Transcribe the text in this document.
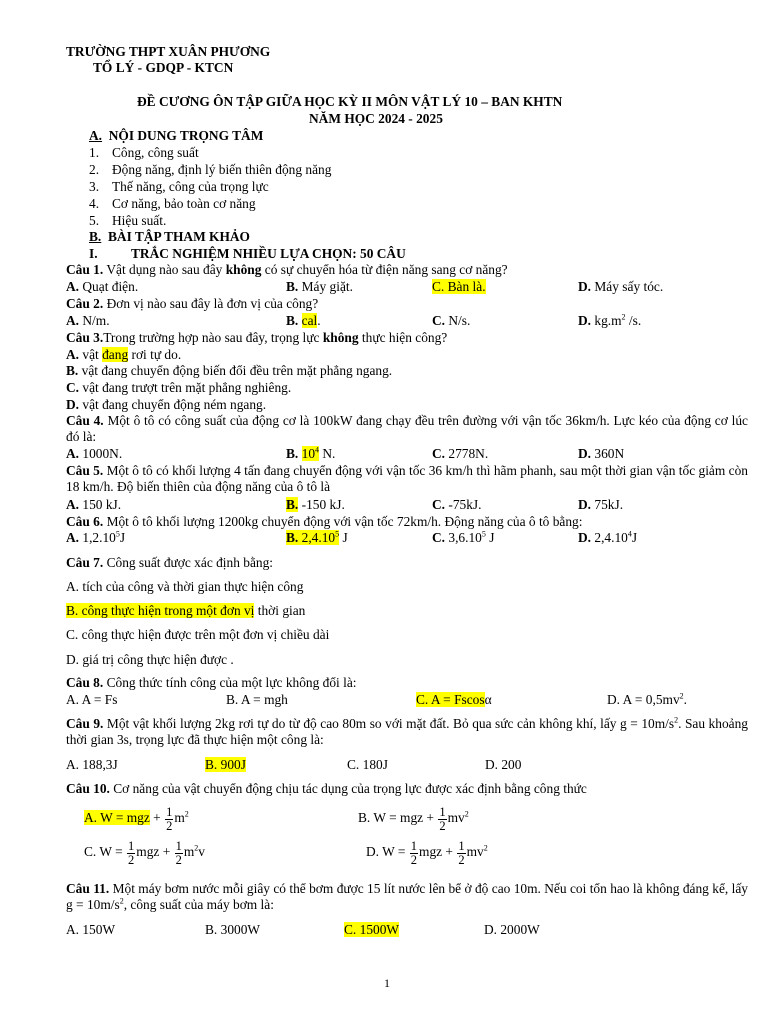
TRƯỜNG THPT XUÂN PHƯƠNG
TỔ LÝ - GDQP - KTCN
ĐỀ CƯƠNG ÔN TẬP GIỮA HỌC KỲ II MÔN VẬT LÝ 10 – BAN KHTN
NĂM HỌC 2024 - 2025
A. NỘI DUNG TRỌNG TÂM
1. Công, công suất
2. Động năng, định lý biến thiên động năng
3. Thế năng, công của trọng lực
4. Cơ năng, bảo toàn cơ năng
5. Hiệu suất.
B. BÀI TẬP THAM KHẢO
I. TRẮC NGHIỆM NHIỀU LỰA CHỌN: 50 CÂU
Câu 1. Vật dụng nào sau đây không có sự chuyển hóa từ điện năng sang cơ năng?
A. Quạt điện.	B. Máy giặt.	C. Bàn là.	D. Máy sấy tóc.
Câu 2. Đơn vị nào sau đây là đơn vị của công?
A. N/m.	B. cal.	C. N/s.	D. $kg.m^2$ /s.
Câu 3.Trong trường hợp nào sau đây, trọng lực không thực hiện công?
A. vật đang rơi tự do.
B. vật đang chuyển động biến đổi đều trên mặt phẳng ngang.
C. vật đang trượt trên mặt phẳng nghiêng.
D. vật đang chuyển động ném ngang.
Câu 4. Một ô tô có công suất của động cơ là 100kW đang chạy đều trên đường với vận tốc 36km/h. Lực kéo của động cơ lúc đó là:
A. 1000N.	B. $10^4$ N.	C. 2778N.	D. 360N
Câu 5. Một ô tô có khối lượng 4 tấn đang chuyển động với vận tốc 36 km/h thì hãm phanh, sau một thời gian vận tốc giảm còn 18 km/h. Độ biến thiên của động năng của ô tô là
A. 150 kJ.	B. -150 kJ.	C. -75kJ.	D. 75kJ.
Câu 6. Một ô tô khối lượng 1200kg chuyển động với vận tốc 72km/h. Động năng của ô tô bằng:
A. 1,2.10$^5$J	B. 2,4.10$^5$ J	C. 3,6.10$^5$ J	D. 2,4.10$^4$J
Câu 7. Công suất được xác định bằng:
A. tích của công và thời gian thực hiện công
B. công thực hiện trong một đơn vị thời gian
C. công thực hiện được trên một đơn vị chiều dài
D. giá trị công thực hiện được .
Câu 8. Công thức tính công của một lực không đổi là:
A. A = Fs	B. A = mgh	C. A = Fscosα	D. $A = 0,5mv^2$.
Câu 9. Một vật khối lượng 2kg rơi tự do từ độ cao 80m so với mặt đất. Bỏ qua sức cản không khí, lấy $g = 10m/s^2$. Sau khoảng thời gian 3s, trọng lực đã thực hiện một công là:
A. 188,3J	B. 900J	C. 180J	D. 200
Câu 10. Cơ năng của vật chuyển động chịu tác dụng của trọng lực được xác định bằng công thức
A. W = mgz + $\frac{1}{2} m^2$	B. W = mgz + $\frac{1}{2} mv^2$
C. $W = \frac{1}{2}$ mgz + $\frac{1}{2} m^2v$	D. $W = \frac{1}{2}$ mgz + $\frac{1}{2} mv^2$
Câu 11. Một máy bơm nước mỗi giây có thể bơm được 15 lít nước lên bể ở độ cao 10m. Nếu coi tổn hao là không đáng kể, lấy $g = 10m/s^2$, công suất của máy bơm là:
A. 150W	B. 3000W	C. 1500W	D. 2000W
1
